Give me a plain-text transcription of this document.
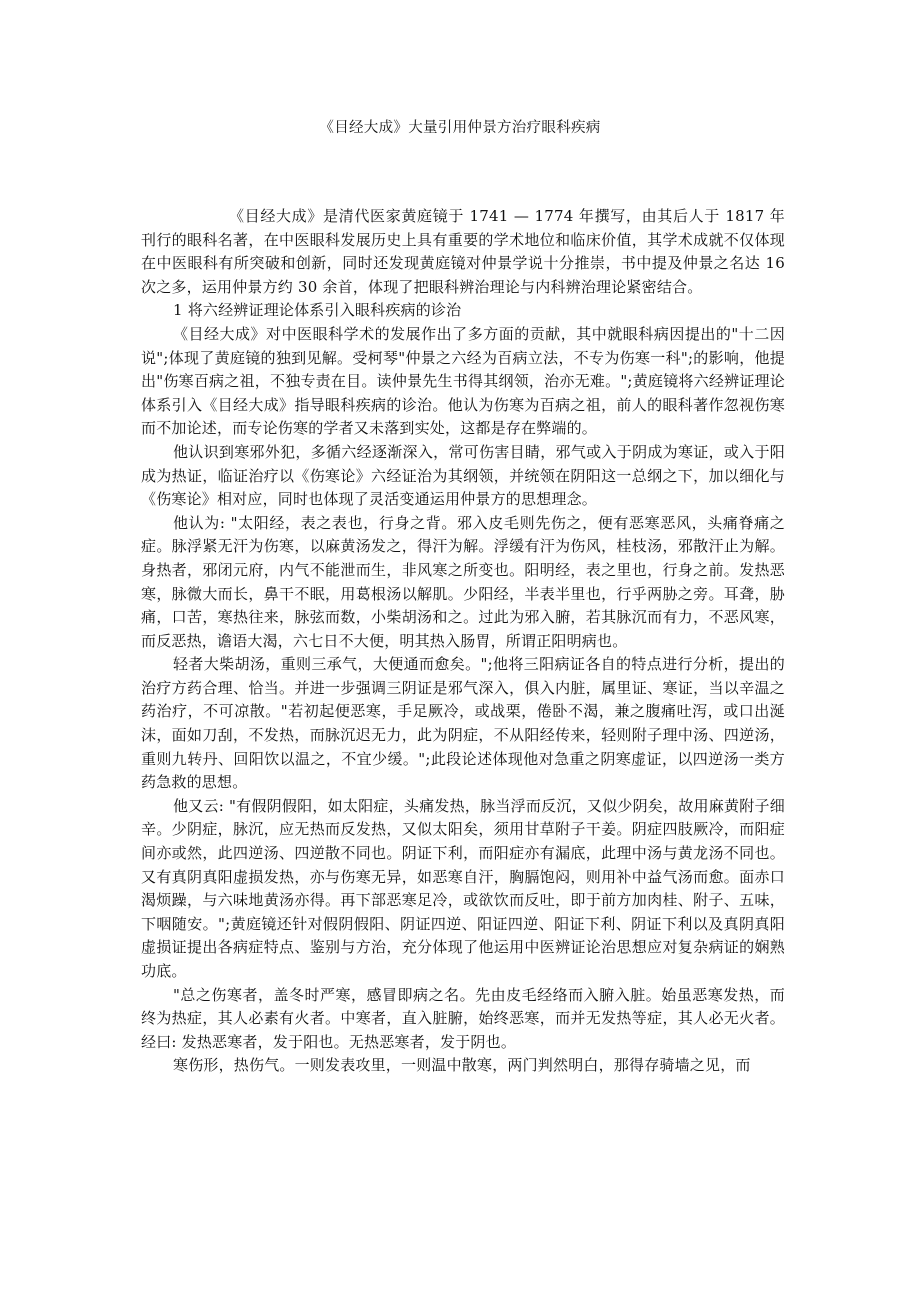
《目经大成》大量引用仲景方治疗眼科疾病

《目经大成》是清代医家黄庭镜于 1741 — 1774 年撰写，由其后人于 1817 年刊行的眼科名著，在中医眼科发展历史上具有重要的学术地位和临床价值，其学术成就不仅体现在中医眼科有所突破和创新，同时还发现黄庭镜对仲景学说十分推崇，书中提及仲景之名达 16 次之多，运用仲景方约 30 余首，体现了把眼科辨治理论与内科辨治理论紧密结合。

1 将六经辨证理论体系引入眼科疾病的诊治

《目经大成》对中医眼科学术的发展作出了多方面的贡献，其中就眼科病因提出的"十二因说";体现了黄庭镜的独到见解。受柯琴"仲景之六经为百病立法，不专为伤寒一科";的影响，他提出"伤寒百病之祖，不独专责在目。读仲景先生书得其纲领，治亦无难。";黄庭镜将六经辨证理论体系引入《目经大成》指导眼科疾病的诊治。他认为伤寒为百病之祖，前人的眼科著作忽视伤寒而不加论述，而专论伤寒的学者又未落到实处，这都是存在弊端的。

他认识到寒邪外犯，多循六经逐渐深入，常可伤害目睛，邪气或入于阴成为寒证，或入于阳成为热证，临证治疗以《伤寒论》六经证治为其纲领，并统领在阴阳这一总纲之下，加以细化与《伤寒论》相对应，同时也体现了灵活变通运用仲景方的思想理念。

他认为: "太阳经，表之表也，行身之背。邪入皮毛则先伤之，便有恶寒恶风，头痛脊痛之症。脉浮紧无汗为伤寒，以麻黄汤发之，得汗为解。浮缓有汗为伤风，桂枝汤，邪散汗止为解。身热者，邪闭元府，内气不能泄而生，非风寒之所变也。阳明经，表之里也，行身之前。发热恶寒，脉微大而长，鼻干不眠，用葛根汤以解肌。少阳经，半表半里也，行乎两胁之旁。耳聋，胁痛，口苦，寒热往来，脉弦而数，小柴胡汤和之。过此为邪入腑，若其脉沉而有力，不恶风寒，而反恶热，谵语大渴，六七日不大便，明其热入肠胃，所谓正阳明病也。

轻者大柴胡汤，重则三承气，大便通而愈矣。";他将三阳病证各自的特点进行分析，提出的治疗方药合理、恰当。并进一步强调三阴证是邪气深入，俱入内脏，属里证、寒证，当以辛温之药治疗，不可凉散。"若初起便恶寒，手足厥冷，或战栗，倦卧不渴，兼之腹痛吐泻，或口出涎沫，面如刀刮，不发热，而脉沉迟无力，此为阴症，不从阳经传来，轻则附子理中汤、四逆汤，重则九转丹、回阳饮以温之，不宜少缓。";此段论述体现他对急重之阴寒虚证，以四逆汤一类方药急救的思想。

他又云: "有假阴假阳，如太阳症，头痛发热，脉当浮而反沉，又似少阴矣，故用麻黄附子细辛。少阴症，脉沉，应无热而反发热，又似太阳矣，须用甘草附子干姜。阴症四肢厥冷，而阳症间亦或然，此四逆汤、四逆散不同也。阴证下利，而阳症亦有漏底，此理中汤与黄龙汤不同也。又有真阴真阳虚损发热，亦与伤寒无异，如恶寒自汗，胸膈饱闷，则用补中益气汤而愈。面赤口渴烦躁，与六味地黄汤亦得。再下部恶寒足冷，或欲饮而反吐，即于前方加肉桂、附子、五味，下咽随安。";黄庭镜还针对假阴假阳、阴证四逆、阳证四逆、阳证下利、阴证下利以及真阴真阳虚损证提出各病症特点、鉴别与方治，充分体现了他运用中医辨证论治思想应对复杂病证的娴熟功底。

"总之伤寒者，盖冬时严寒，感冒即病之名。先由皮毛经络而入腑入脏。始虽恶寒发热，而终为热症，其人必素有火者。中寒者，直入脏腑，始终恶寒，而并无发热等症，其人必无火者。经曰: 发热恶寒者，发于阳也。无热恶寒者，发于阴也。

寒伤形，热伤气。一则发表攻里，一则温中散寒，两门判然明白，那得存骑墙之见，而
